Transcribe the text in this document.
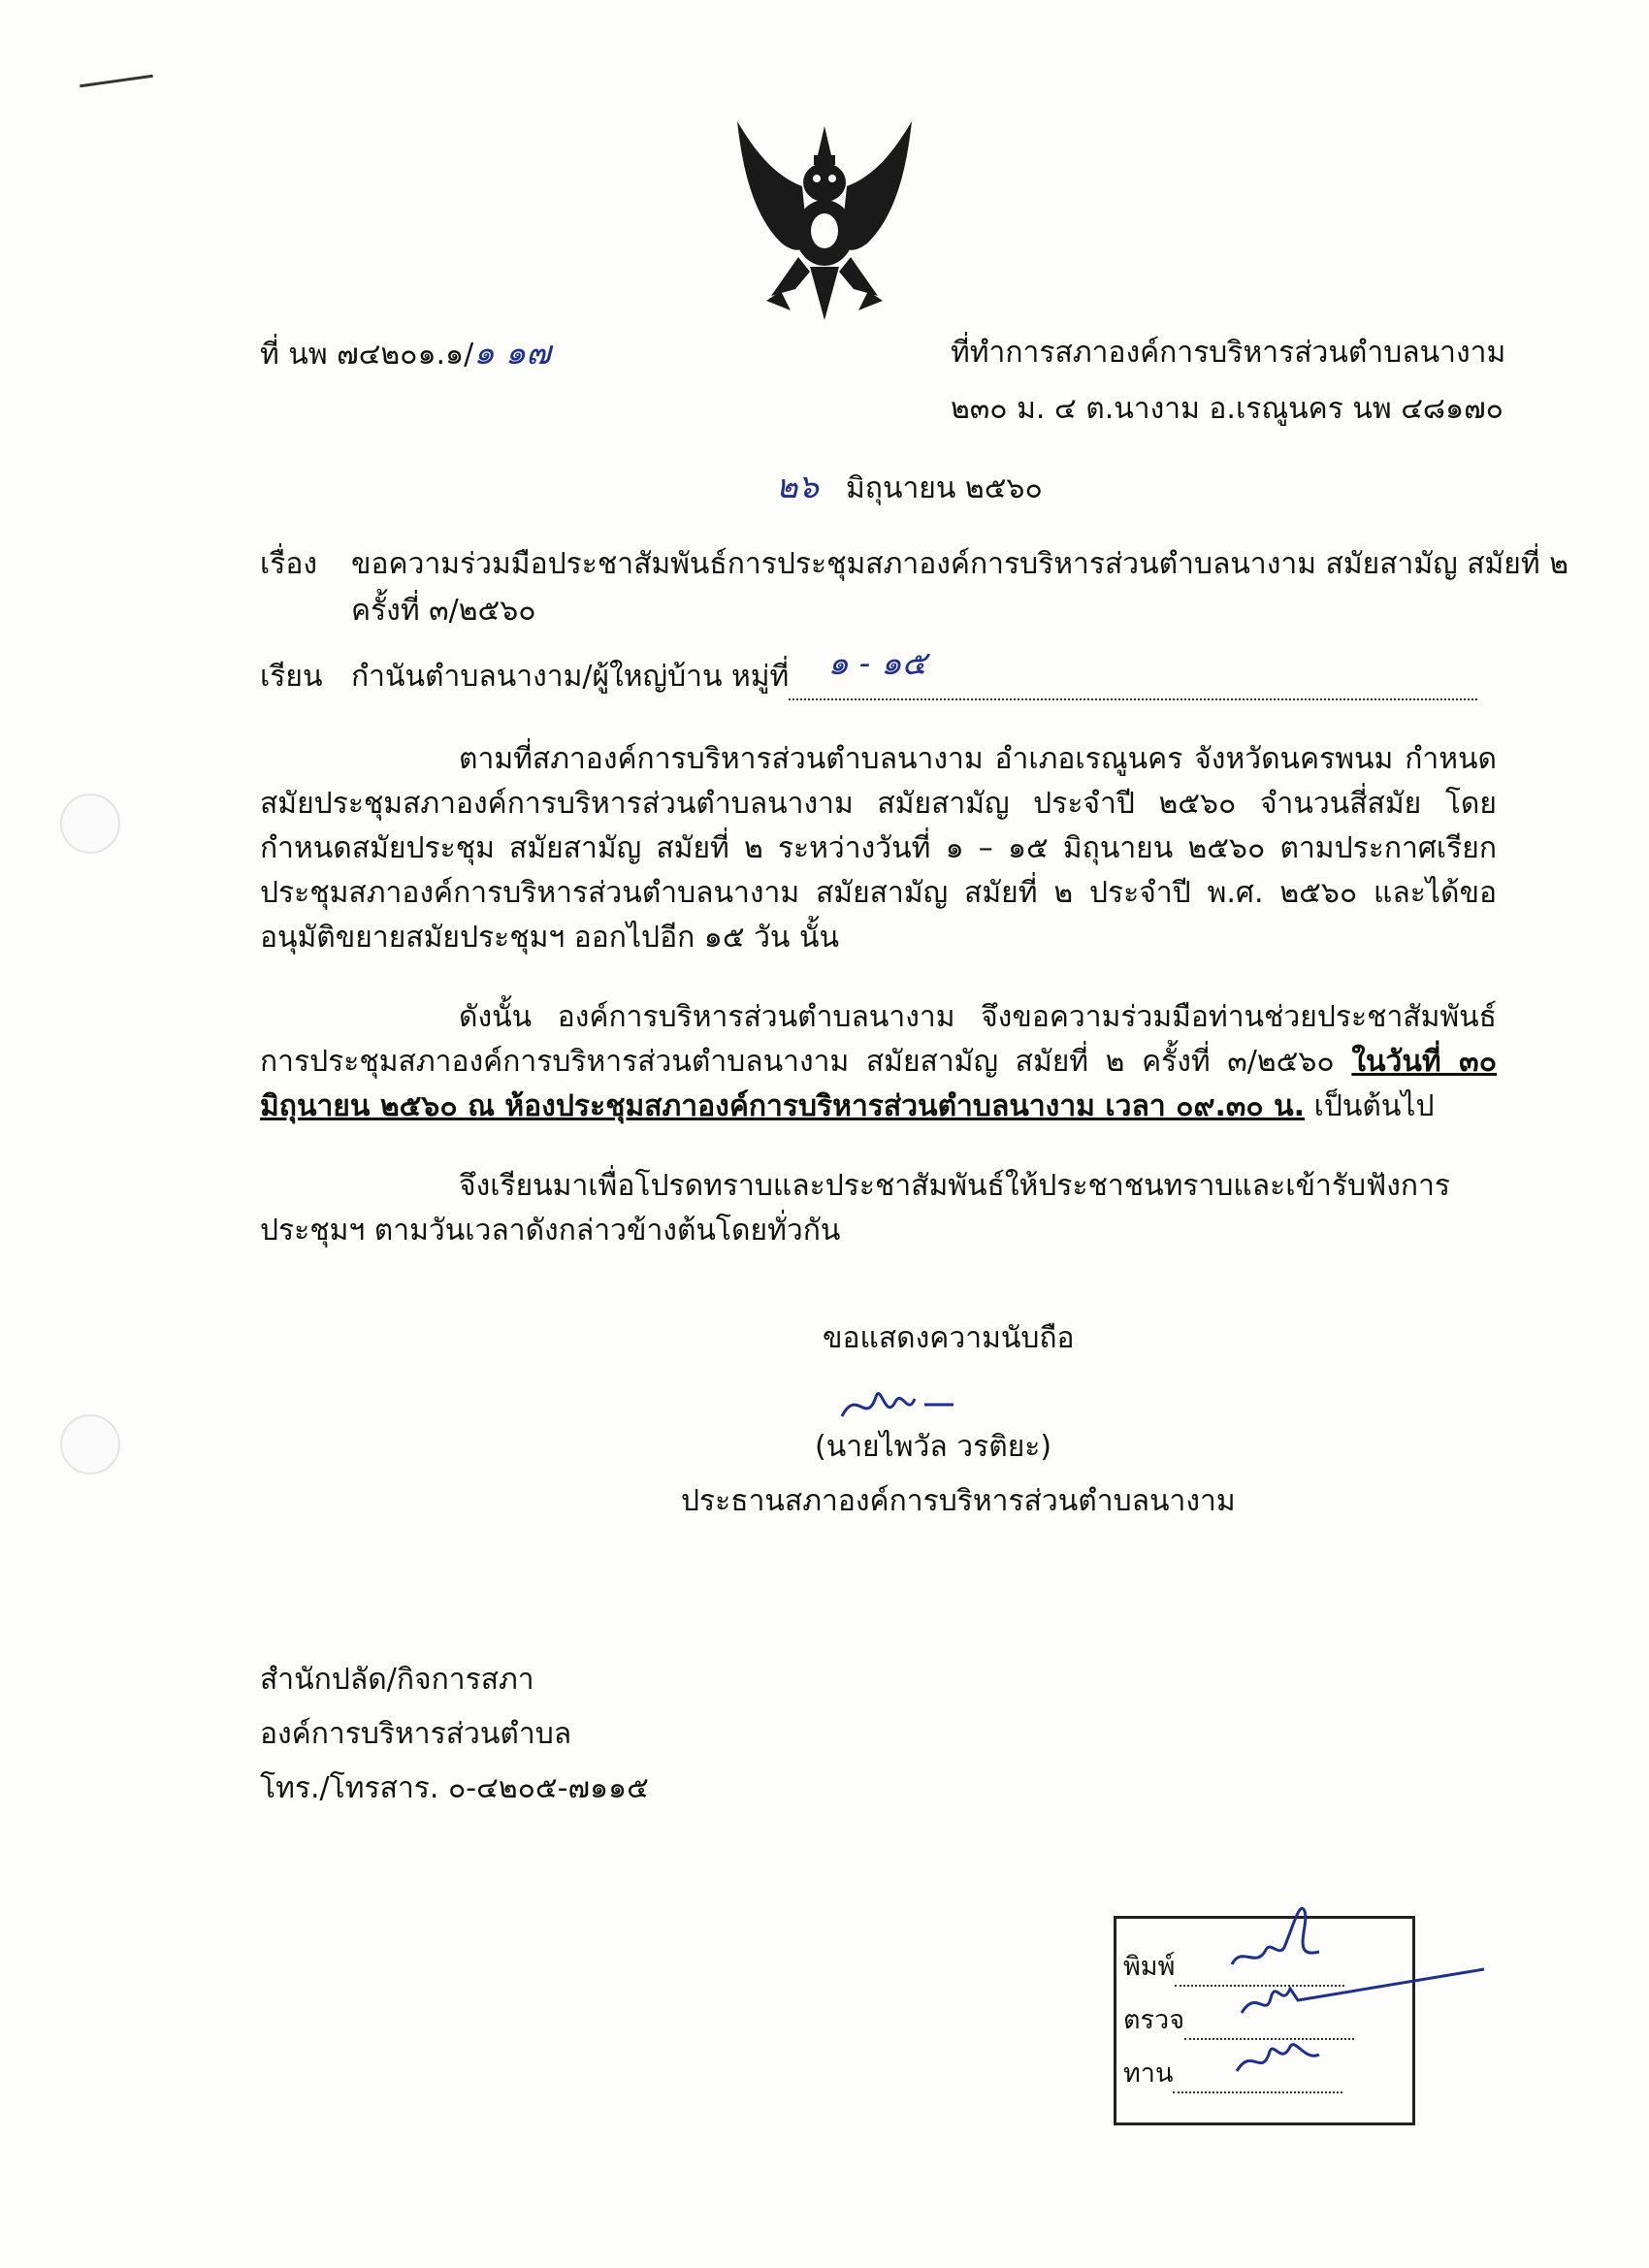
ที่ นพ ๗๔๒๐๑.๑/๑ ๑๗	ที่ทำการสภาองค์การบริหารส่วนตำบลนางาม
๒๓๐ ม. ๔ ต.นางาม อ.เรณูนคร นพ ๔๘๑๗๐
๒๖ มิถุนายน ๒๕๖๐
เรื่อง ขอความร่วมมือประชาสัมพันธ์การประชุมสภาองค์การบริหารส่วนตำบลนางาม สมัยสามัญ สมัยที่ ๒
ครั้งที่ ๓/๒๕๖๐
เรียน กำนันตำบลนางาม/ผู้ใหญ่บ้าน หมู่ที่ ๑ - ๑๕

ตามที่สภาองค์การบริหารส่วนตำบลนางาม อำเภอเรณูนคร จังหวัดนครพนม กำหนดสมัยประชุมสภาองค์การบริหารส่วนตำบลนางาม สมัยสามัญ ประจำปี ๒๕๖๐ จำนวนสี่สมัย โดยกำหนดสมัยประชุม สมัยสามัญ สมัยที่ ๒ ระหว่างวันที่ ๑ – ๑๕ มิถุนายน ๒๕๖๐ ตามประกาศเรียกประชุมสภาองค์การบริหารส่วนตำบลนางาม สมัยสามัญ สมัยที่ ๒ ประจำปี พ.ศ. ๒๕๖๐ และได้ขออนุมัติขยายสมัยประชุมฯ ออกไปอีก ๑๕ วัน นั้น
ดังนั้น องค์การบริหารส่วนตำบลนางาม จึงขอความร่วมมือท่านช่วยประชาสัมพันธ์การประชุมสภาองค์การบริหารส่วนตำบลนางาม สมัยสามัญ สมัยที่ ๒ ครั้งที่ ๓/๒๕๖๐ ในวันที่ ๓๐ มิถุนายน ๒๕๖๐ ณ ห้องประชุมสภาองค์การบริหารส่วนตำบลนางาม เวลา ๐๙.๓๐ น. เป็นต้นไป
จึงเรียนมาเพื่อโปรดทราบและประชาสัมพันธ์ให้ประชาชนทราบและเข้ารับฟังการประชุมฯ ตามวันเวลาดังกล่าวข้างต้นโดยทั่วกัน
ขอแสดงความนับถือ
(นายไพวัล วรติยะ)
ประธานสภาองค์การบริหารส่วนตำบลนางาม
สำนักปลัด/กิจการสภา
องค์การบริหารส่วนตำบล
โทร./โทรสาร. ๐-๔๒๐๕-๗๑๑๕
พิมพ์
ตรวจ
ทาน
